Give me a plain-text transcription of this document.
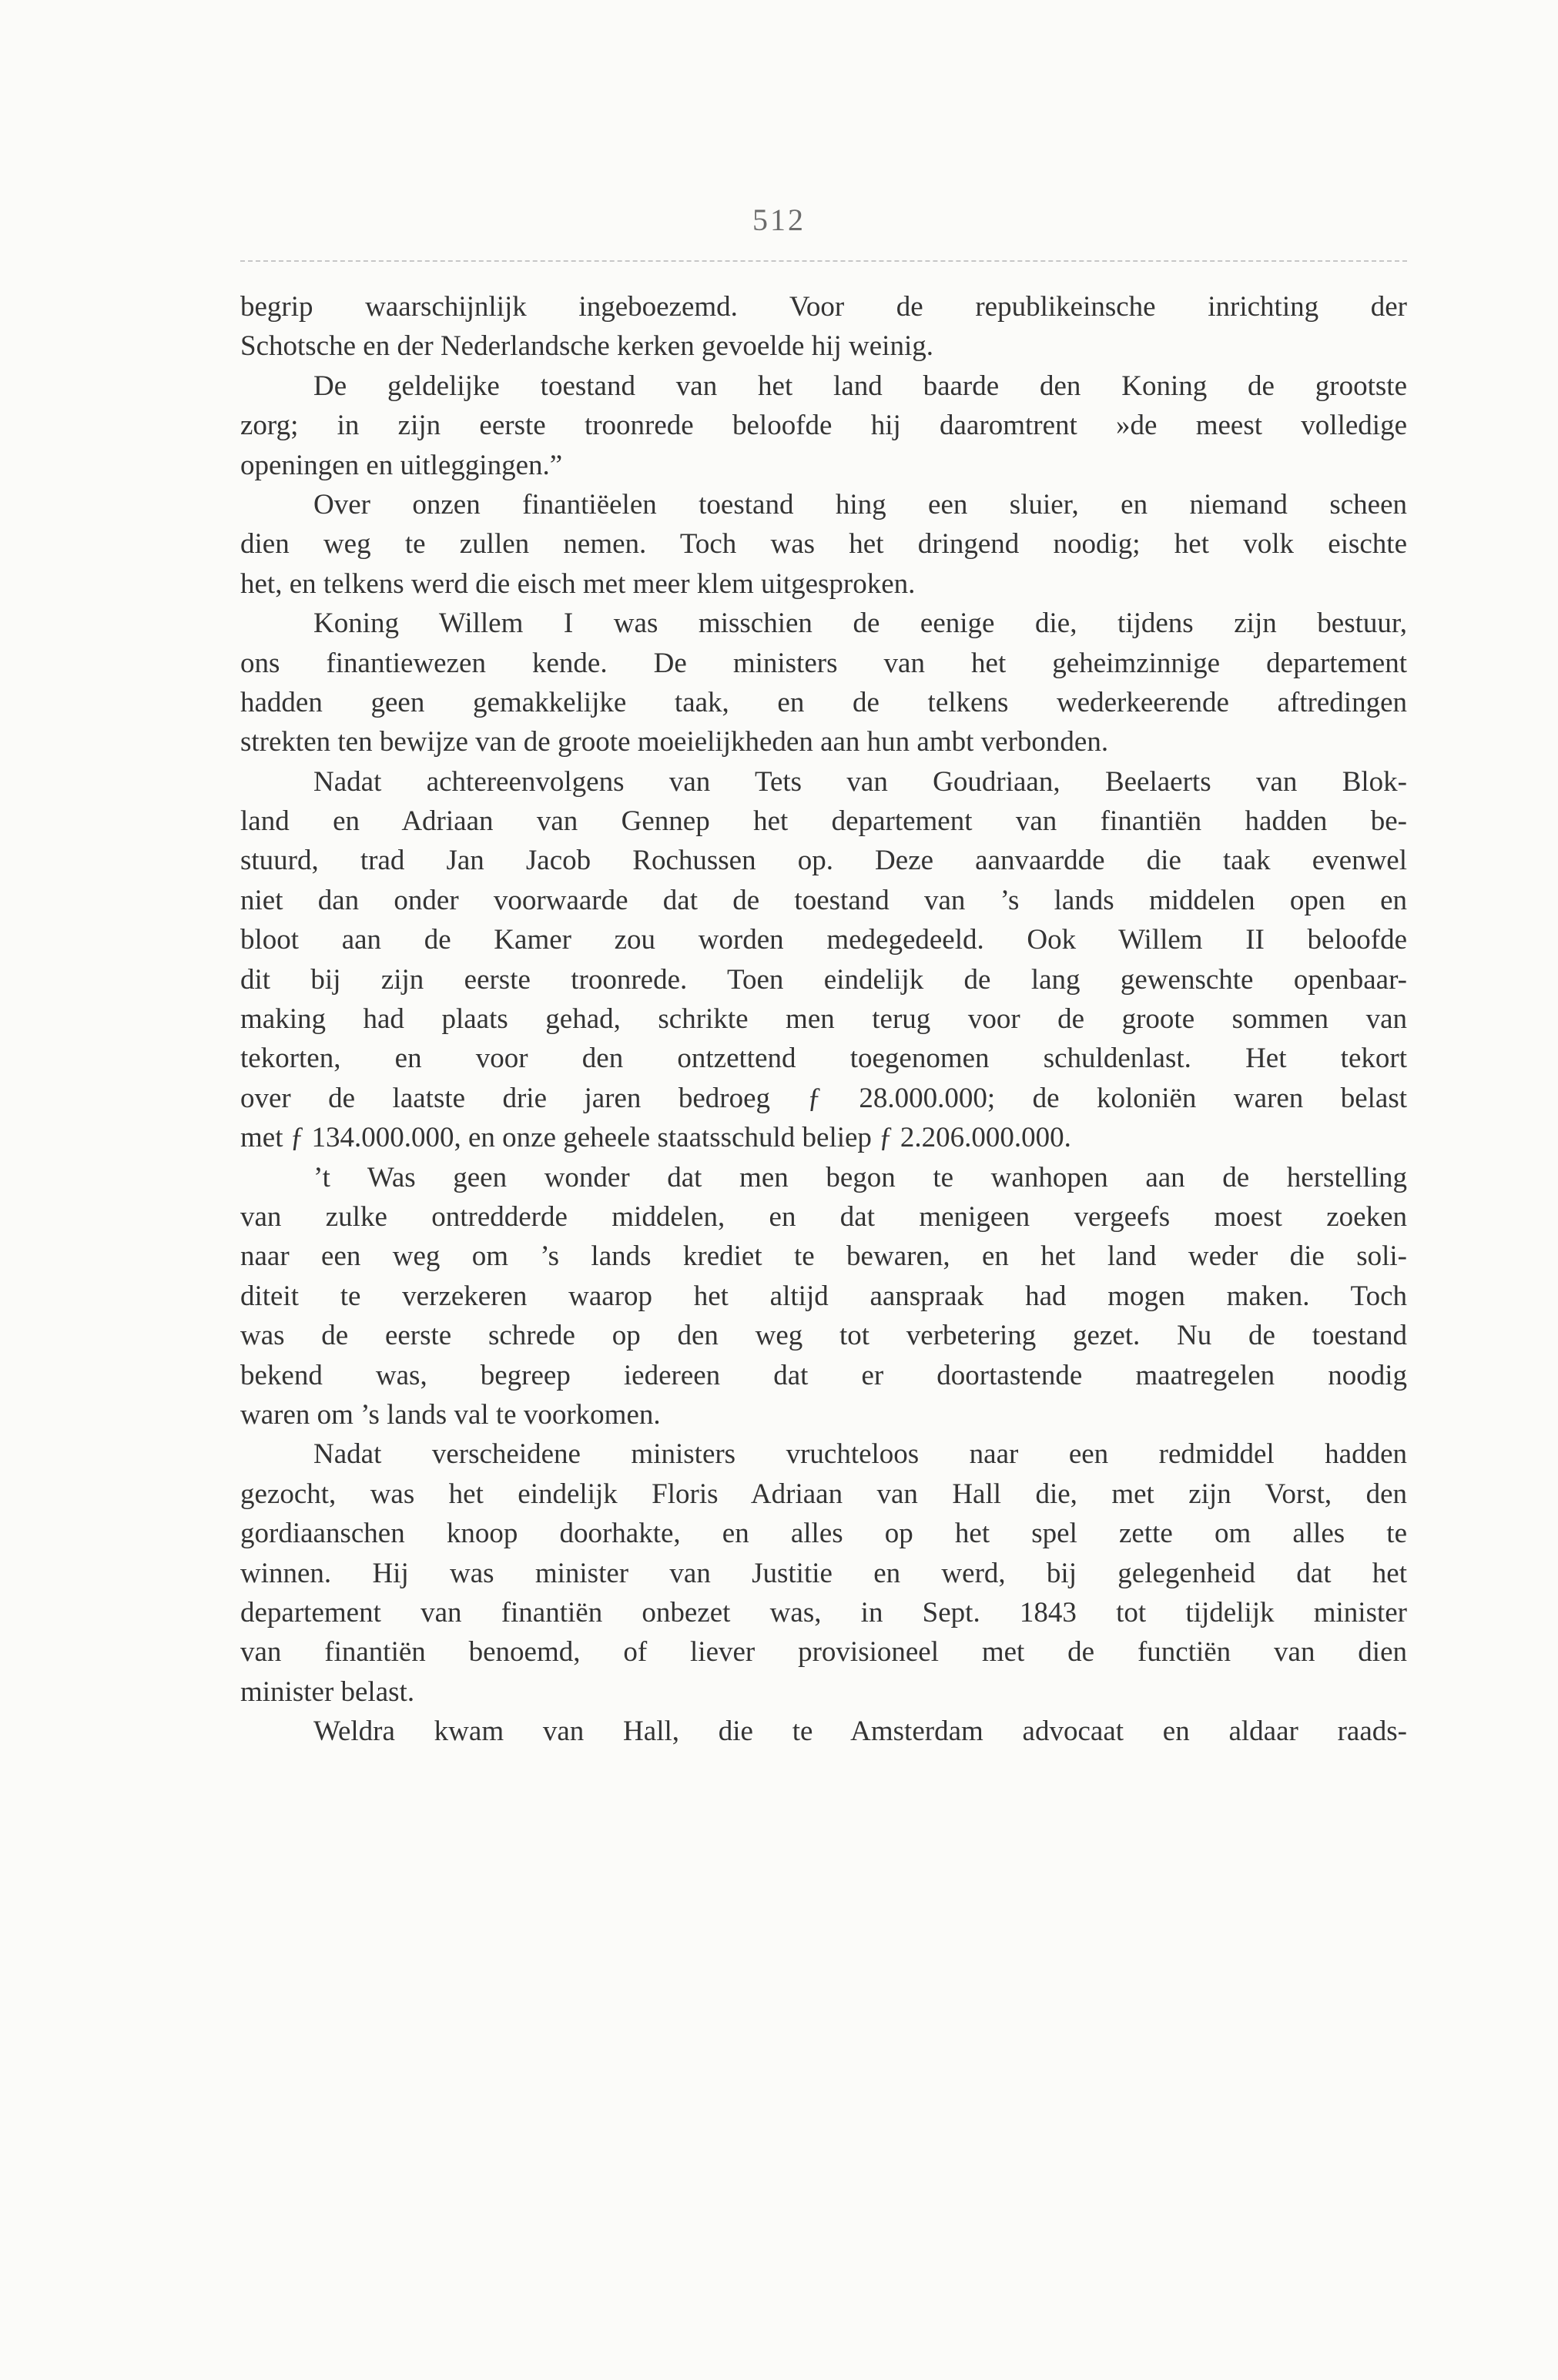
512
begrip waarschijnlijk ingeboezemd. Voor de republikeinsche inrichting der
Schotsche en der Nederlandsche kerken gevoelde hij weinig.
De geldelijke toestand van het land baarde den Koning de grootste
zorg; in zijn eerste troonrede beloofde hij daaromtrent »de meest volledige
openingen en uitleggingen.”
Over onzen finantiëelen toestand hing een sluier, en niemand scheen
dien weg te zullen nemen. Toch was het dringend noodig; het volk eischte
het, en telkens werd die eisch met meer klem uitgesproken.
Koning Willem I was misschien de eenige die, tijdens zijn bestuur,
ons finantiewezen kende. De ministers van het geheimzinnige departement
hadden geen gemakkelijke taak, en de telkens wederkeerende aftredingen
strekten ten bewijze van de groote moeielijkheden aan hun ambt verbonden.
Nadat achtereenvolgens van Tets van Goudriaan, Beelaerts van Blok-
land en Adriaan van Gennep het departement van finantiën hadden be-
stuurd, trad Jan Jacob Rochussen op. Deze aanvaardde die taak evenwel
niet dan onder voorwaarde dat de toestand van ’s lands middelen open en
bloot aan de Kamer zou worden medegedeeld. Ook Willem II beloofde
dit bij zijn eerste troonrede. Toen eindelijk de lang gewenschte openbaar-
making had plaats gehad, schrikte men terug voor de groote sommen van
tekorten, en voor den ontzettend toegenomen schuldenlast. Het tekort
over de laatste drie jaren bedroeg ƒ 28.000.000; de koloniën waren belast
met ƒ 134.000.000, en onze geheele staatsschuld beliep ƒ 2.206.000.000.
’t Was geen wonder dat men begon te wanhopen aan de herstelling
van zulke ontredderde middelen, en dat menigeen vergeefs moest zoeken
naar een weg om ’s lands krediet te bewaren, en het land weder die soli-
diteit te verzekeren waarop het altijd aanspraak had mogen maken. Toch
was de eerste schrede op den weg tot verbetering gezet. Nu de toestand
bekend was, begreep iedereen dat er doortastende maatregelen noodig
waren om ’s lands val te voorkomen.
Nadat verscheidene ministers vruchteloos naar een redmiddel hadden
gezocht, was het eindelijk Floris Adriaan van Hall die, met zijn Vorst, den
gordiaanschen knoop doorhakte, en alles op het spel zette om alles te
winnen. Hij was minister van Justitie en werd, bij gelegenheid dat het
departement van finantiën onbezet was, in Sept. 1843 tot tijdelijk minister
van finantiën benoemd, of liever provisioneel met de functiën van dien
minister belast.
Weldra kwam van Hall, die te Amsterdam advocaat en aldaar raads-
